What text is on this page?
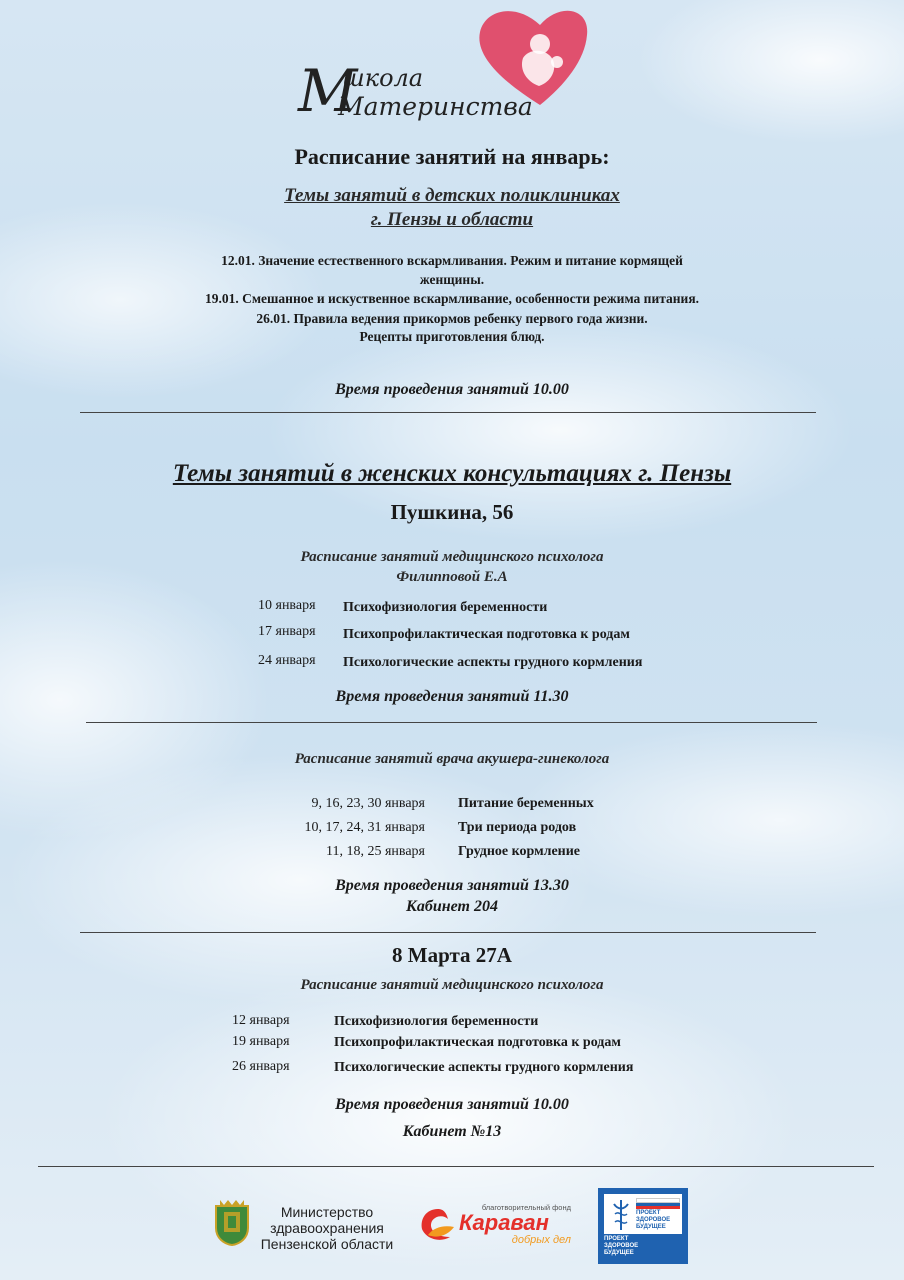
М
школа
Материнства
Расписание занятий на январь:
Темы занятий в детских поликлиниках
г. Пензы и области
12.01. Значение естественного вскармливания. Режим и питание кормящей
женщины.
19.01. Смешанное и искуственное вскармливание, особенности режима питания.
26.01. Правила ведения прикормов ребенку первого года жизни.
Рецепты приготовления блюд.
Время проведения занятий 10.00
Темы занятий в женских консультациях г. Пензы
Пушкина, 56
Расписание занятий медицинского психолога
Филипповой Е.А
10 января Психофизиология беременности
17 января Психопрофилактическая подготовка к родам
24 января Психологические аспекты грудного кормления
Время проведения занятий 11.30
Расписание занятий врача акушера-гинеколога
9, 16, 23, 30 января Питание беременных
10, 17, 24, 31 января Три периода родов
11, 18, 25 января Грудное кормление
Время проведения занятий 13.30
Кабинет 204
8 Марта 27А
Расписание занятий медицинского психолога
12 января	Психофизиология беременности
19 января	Психопрофилактическая подготовка к родам
26 января	Психологические аспекты грудного кормления
Время проведения занятий 10.00
Кабинет №13
Министерство
здравоохранения
Пензенской области
благотворительный фонд
Караван
добрых дел
ПРОЕКТ
ЗДОРОВОЕ
БУДУЩЕЕ
ПРОЕКТ
ЗДОРОВОЕ
БУДУЩЕЕ
